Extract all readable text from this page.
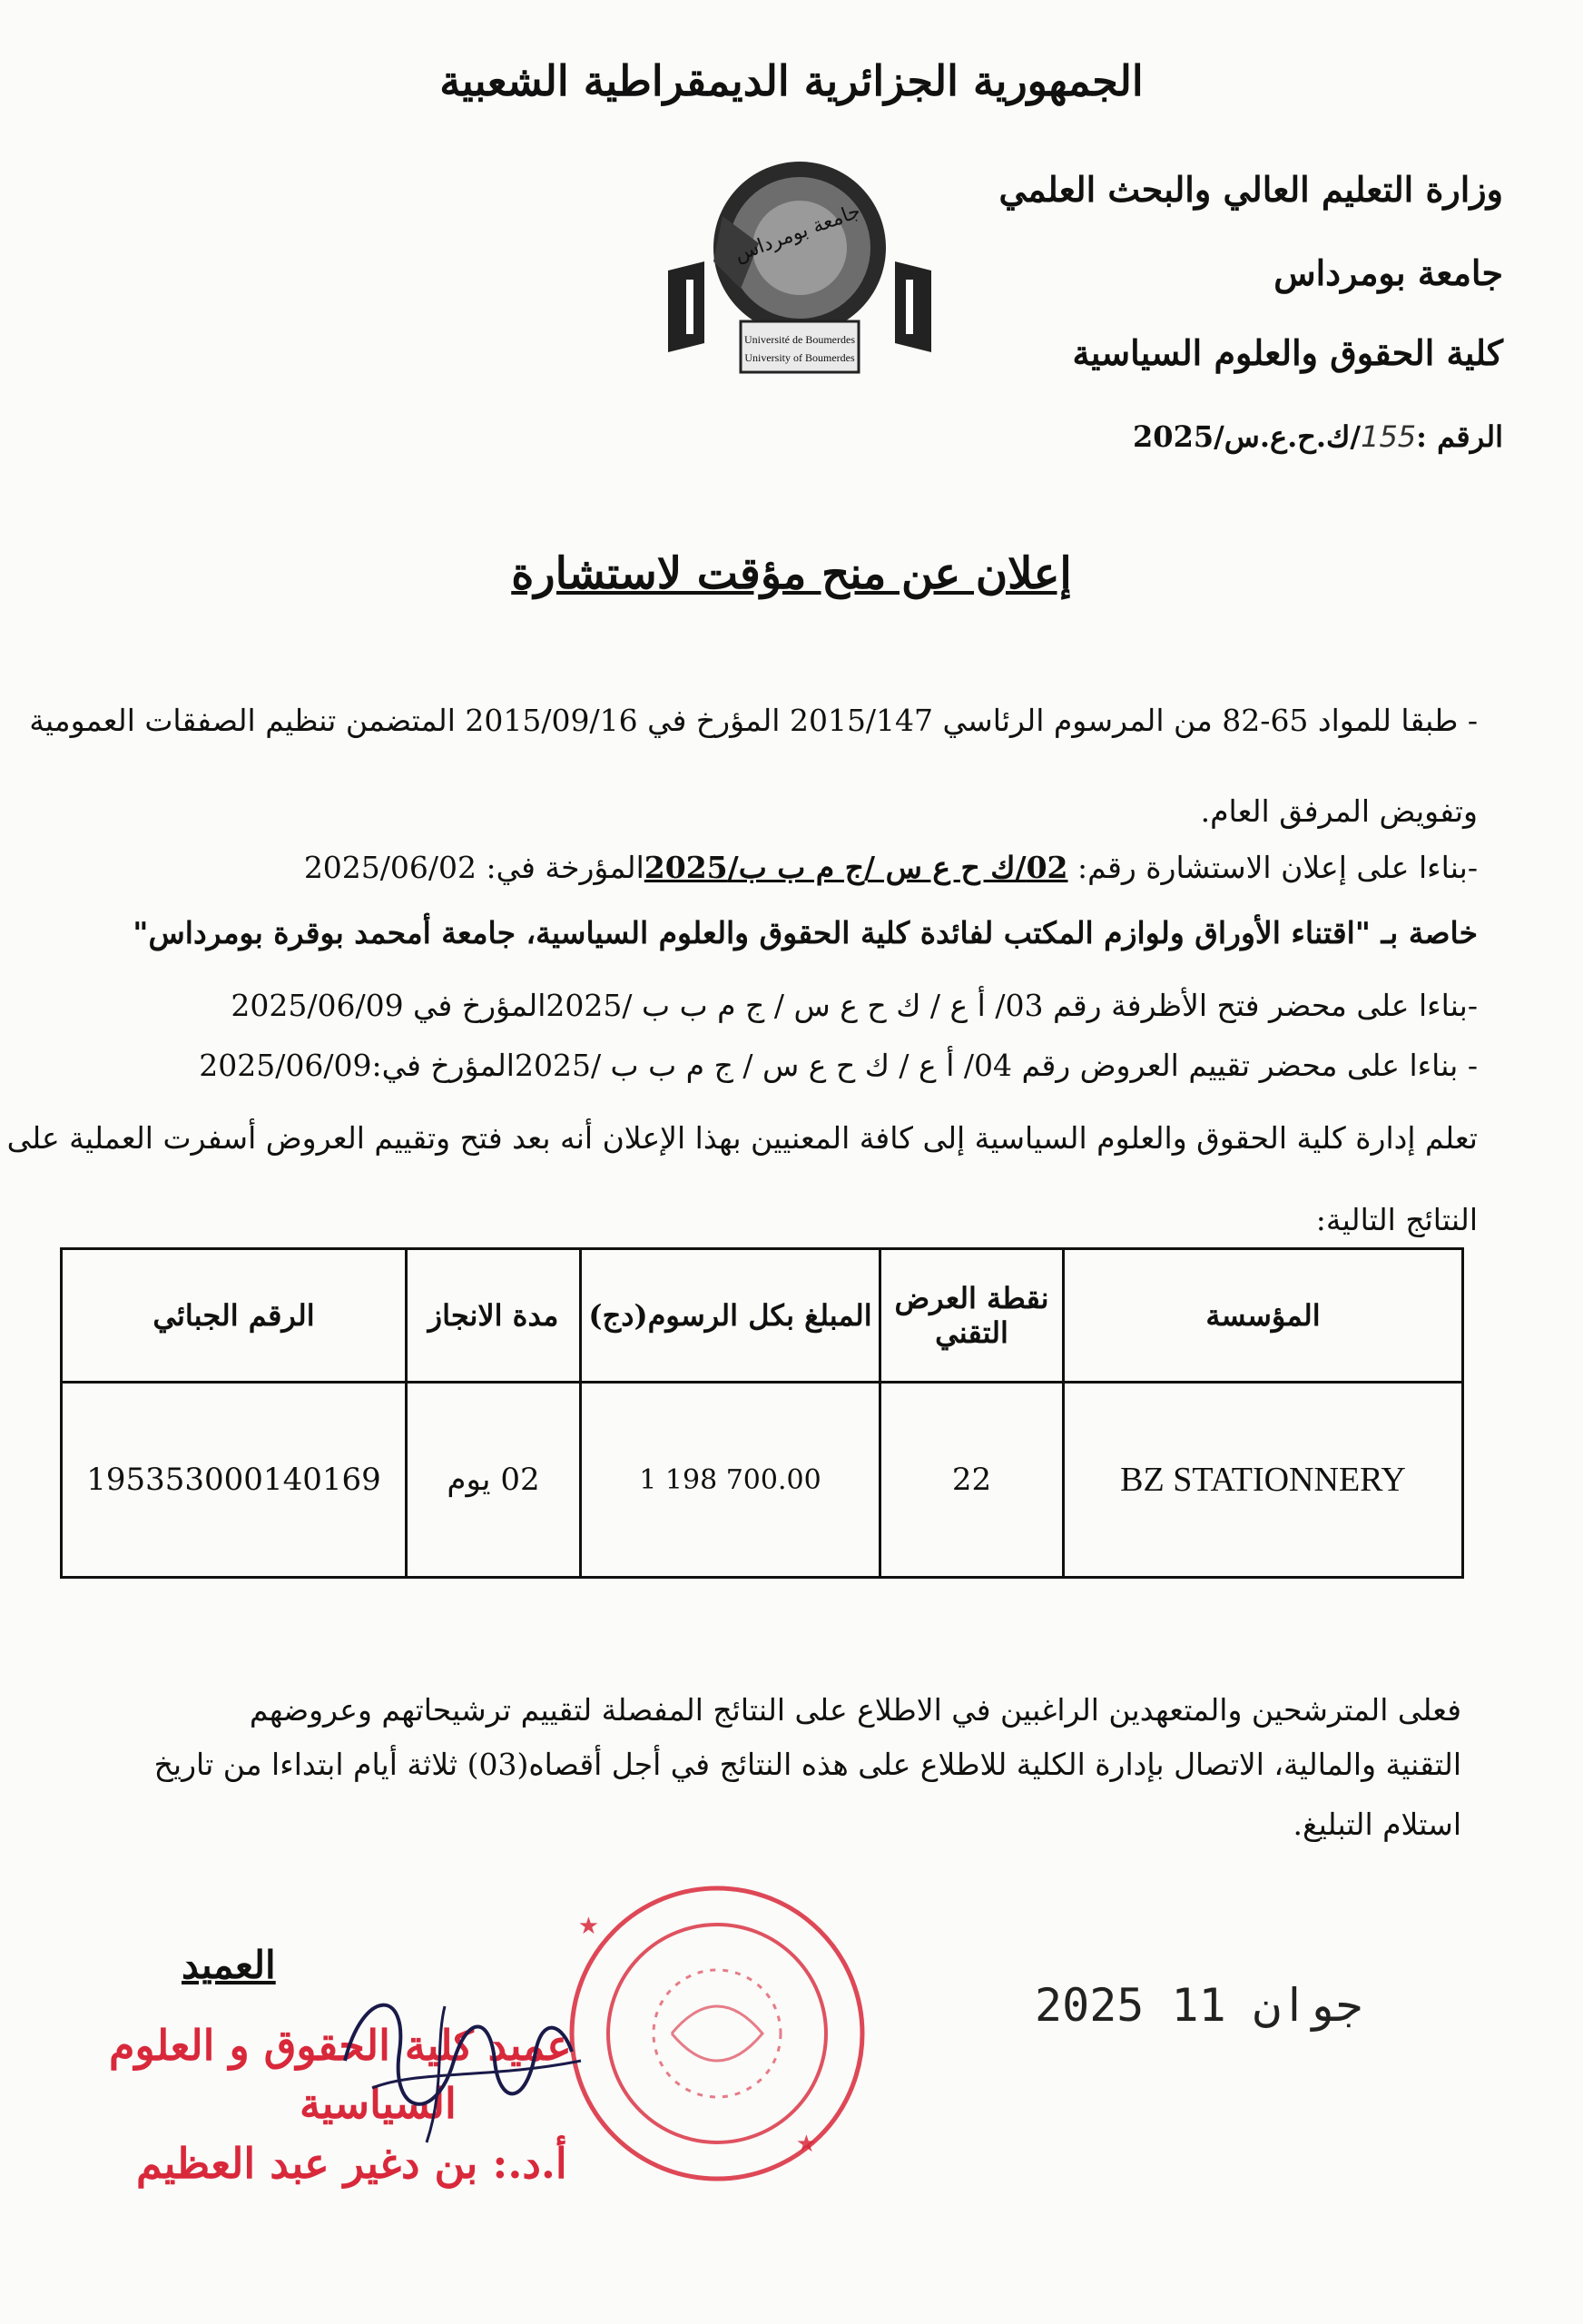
الجمهورية الجزائرية الديمقراطية الشعبية
وزارة التعليم العالي والبحث العلمي
جامعة بومرداس
كلية الحقوق والعلوم السياسية
الرقم :155/ك.ح.ع.س/2025
جامعة بومرداس
Université de Boumerdes
University of Boumerdes
إعلان عن منح مؤقت لاستشارة
- طبقا للمواد 65-82 من المرسوم الرئاسي 2015/147 المؤرخ في 2015/09/16 المتضمن تنظيم الصفقات العمومية
وتفويض المرفق العام.
-بناءا على إعلان الاستشارة رقم: 02/ك ح ع س /ج م ب ب/2025المؤرخة في: 2025/06/02
خاصة بـ "اقتناء الأوراق ولوازم المكتب لفائدة كلية الحقوق والعلوم السياسية، جامعة أمحمد بوقرة بومرداس"
-بناءا على محضر فتح الأظرفة رقم 03/ أ ع / ك ح ع س / ج م ب ب /2025المؤرخ في 2025/06/09
- بناءا على محضر تقييم العروض رقم 04/ أ ع / ك ح ع س / ج م ب ب /2025المؤرخ في:2025/06/09
تعلم إدارة كلية الحقوق والعلوم السياسية إلى كافة المعنيين بهذا الإعلان أنه بعد فتح وتقييم العروض أسفرت العملية على
النتائج التالية:
المؤسسة	نقطة العرض التقني	المبلغ بكل الرسوم(دج)	مدة الانجاز	الرقم الجبائي
BZ STATIONNERY	22	1 198 700.00	02 يوم	195353000140169
فعلى المترشحين والمتعهدين الراغبين في الاطلاع على النتائج المفصلة لتقييم ترشيحاتهم وعروضهم
التقنية والمالية، الاتصال بإدارة الكلية للاطلاع على هذه النتائج في أجل أقصاه(03) ثلاثة أيام ابتداءا من تاريخ
استلام التبليغ.
2025 11 جوان
العميد
★
★
عميد كلية الحقوق و العلوم
السياسية
أ.د.: بن دغير عبد العظيم
